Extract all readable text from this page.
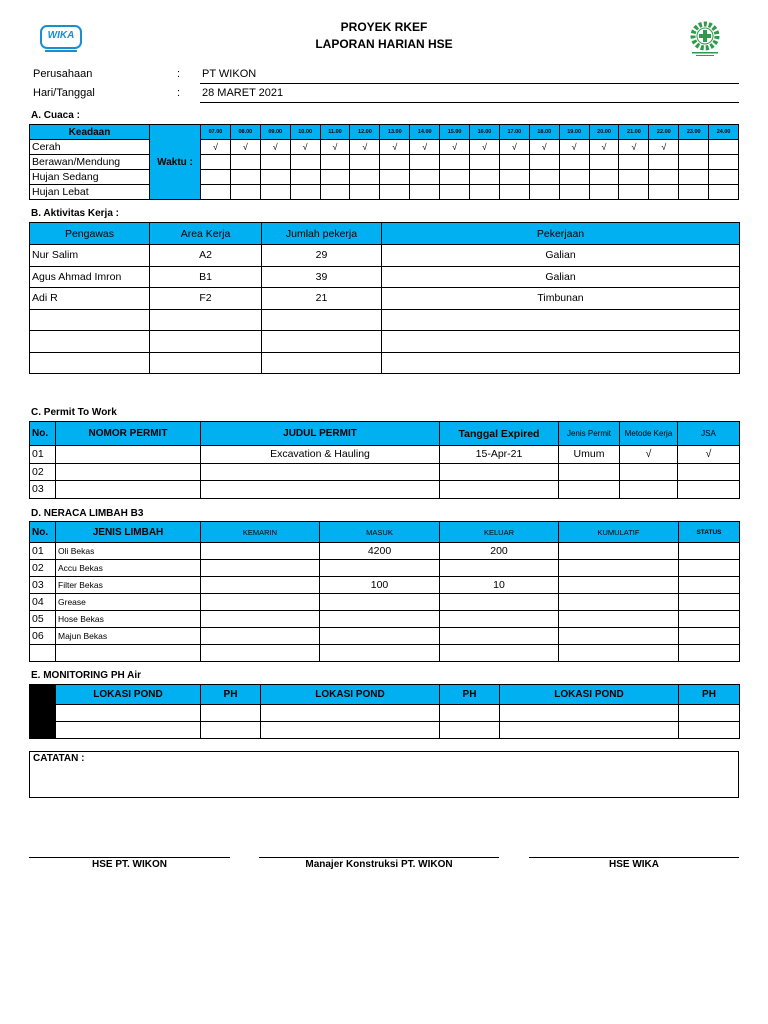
WIKA
PROYEK RKEF
LAPORAN HARIAN HSE
Perusahaan	: PT WIKON
Hari/Tanggal	: 28 MARET 2021
A. Cuaca :
Keadaan	Waktu :	07.00	08.00	09.00	10.00	11.00	12.00	13.00	14.00	15.00	16.00	17.00	18.00	19.00	20.00	21.00	22.00	23.00	24.00
Cerah		√	√	√	√	√	√	√	√	√	√	√	√	√	√	√	√		
Berawan/Mendung																			
Hujan Sedang																			
Hujan Lebat																			
B. Aktivitas Kerja :
Pengawas	Area Kerja	Jumlah pekerja	Pekerjaan
Nur Salim	A2	29	Galian
Agus Ahmad Imron	B1	39	Galian
Adi R	F2	21	Timbunan

C. Permit To Work
No.	NOMOR PERMIT	JUDUL PERMIT	Tanggal Expired	Jenis Permit	Metode Kerja	JSA
01		Excavation & Hauling	15-Apr-21	Umum	√	√
02						
03						
D. NERACA LIMBAH B3
No.	JENIS LIMBAH	KEMARIN	MASUK	KELUAR	KUMULATIF	STATUS
01	Oli Bekas		4200	200		
02	Accu Bekas					
03	Filter Bekas		100	10		
04	Grease					
05	Hose Bekas					
06	Majun Bekas					

E. MONITORING PH Air
	LOKASI POND	PH	LOKASI POND	PH	LOKASI POND	PH

CATATAN :
HSE PT. WIKON	Manajer Konstruksi PT. WIKON	HSE WIKA
